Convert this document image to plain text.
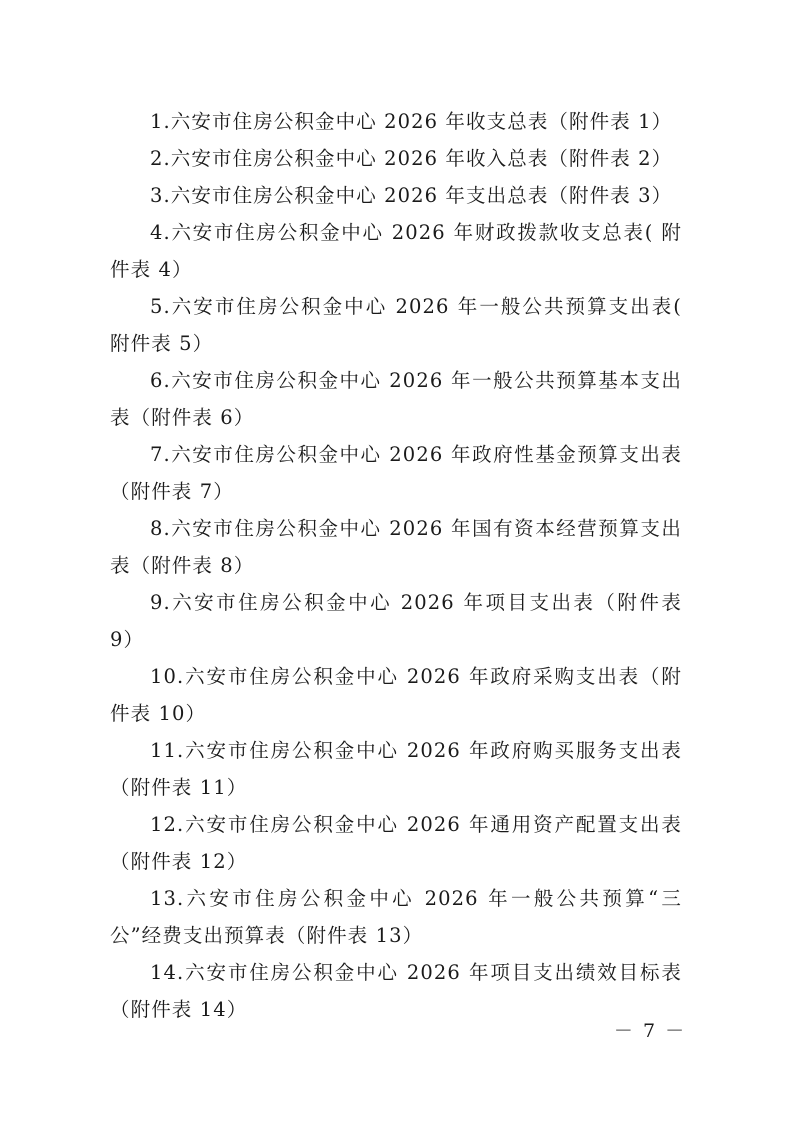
1.六安市住房公积金中心 2026 年收支总表（附件表 1）

2.六安市住房公积金中心 2026 年收入总表（附件表 2）

3.六安市住房公积金中心 2026 年支出总表（附件表 3）

4.六安市住房公积金中心 2026 年财政拨款收支总表( 附件表 4）

5.六安市住房公积金中心 2026 年一般公共预算支出表( 附件表 5）

6.六安市住房公积金中心 2026 年一般公共预算基本支出表（附件表 6）

7.六安市住房公积金中心 2026 年政府性基金预算支出表（附件表 7）

8.六安市住房公积金中心 2026 年国有资本经营预算支出表（附件表 8）

9.六安市住房公积金中心 2026 年项目支出表（附件表 9）

10.六安市住房公积金中心 2026 年政府采购支出表（附件表 10）

11.六安市住房公积金中心 2026 年政府购买服务支出表（附件表 11）

12.六安市住房公积金中心 2026 年通用资产配置支出表（附件表 12）

13.六安市住房公积金中心 2026 年一般公共预算“三公”经费支出预算表（附件表 13）

14.六安市住房公积金中心 2026 年项目支出绩效目标表（附件表 14）

－ 7 －
